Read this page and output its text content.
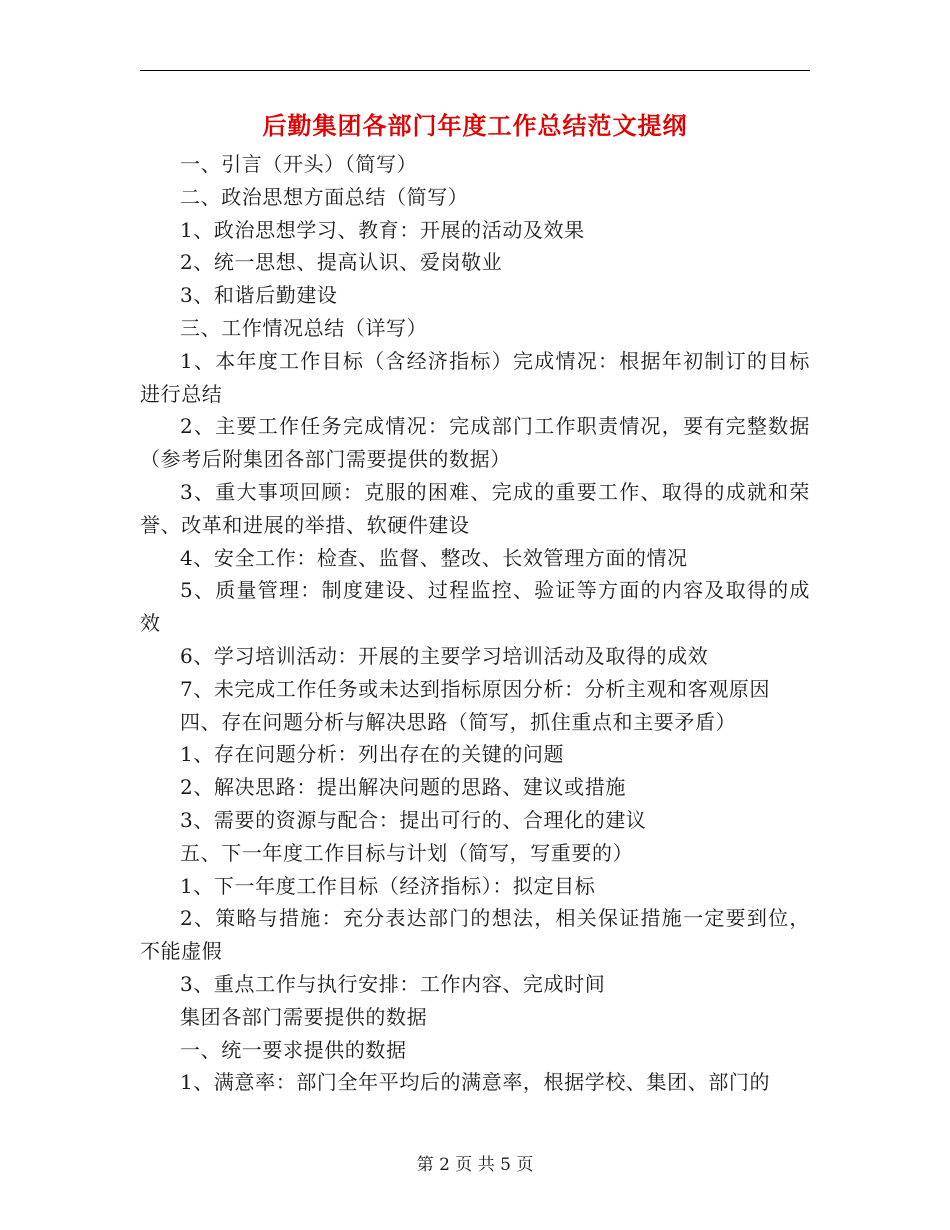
后勤集团各部门年度工作总结范文提纲

一、引言（开头）（简写）

二、政治思想方面总结（简写）

1、政治思想学习、教育：开展的活动及效果

2、统一思想、提高认识、爱岗敬业

3、和谐后勤建设

三、工作情况总结（详写）

1、本年度工作目标（含经济指标）完成情况：根据年初制订的目标进行总结

2、主要工作任务完成情况：完成部门工作职责情况，要有完整数据（参考后附集团各部门需要提供的数据）

3、重大事项回顾：克服的困难、完成的重要工作、取得的成就和荣誉、改革和进展的举措、软硬件建设

4、安全工作：检查、监督、整改、长效管理方面的情况

5、质量管理：制度建设、过程监控、验证等方面的内容及取得的成效

6、学习培训活动：开展的主要学习培训活动及取得的成效

7、未完成工作任务或未达到指标原因分析：分析主观和客观原因

四、存在问题分析与解决思路（简写，抓住重点和主要矛盾）

1、存在问题分析：列出存在的关键的问题

2、解决思路：提出解决问题的思路、建议或措施

3、需要的资源与配合：提出可行的、合理化的建议

五、下一年度工作目标与计划（简写，写重要的）

1、下一年度工作目标（经济指标）：拟定目标

2、策略与措施：充分表达部门的想法，相关保证措施一定要到位，不能虚假

3、重点工作与执行安排：工作内容、完成时间

集团各部门需要提供的数据

一、统一要求提供的数据

1、满意率：部门全年平均后的满意率，根据学校、集团、部门的

第 2 页 共 5 页
